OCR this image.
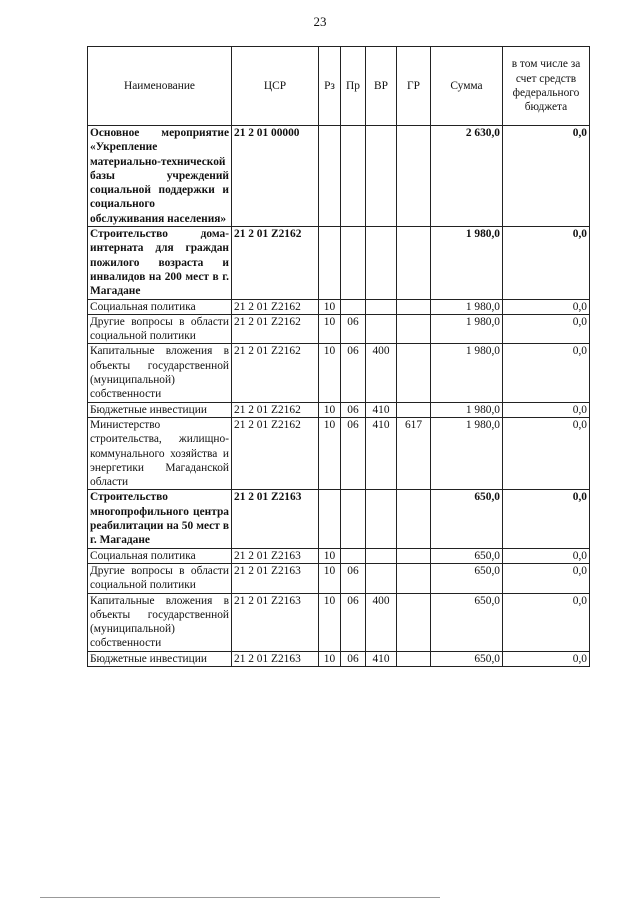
23
Наименование	ЦСР	Рз	Пр	ВР	ГР	Сумма	в том числе за счет средств федерального бюджета
Основное мероприятие «Укрепление материально-технической базы учреждений социальной поддержки и социального обслуживания населения»	21 2 01 00000					2 630,0	0,0
Строительство дома-интерната для граждан пожилого возраста и инвалидов на 200 мест в г. Магадане	21 2 01 Z2162					1 980,0	0,0
Социальная политика	21 2 01 Z2162	10				1 980,0	0,0
Другие вопросы в области социальной политики	21 2 01 Z2162	10	06			1 980,0	0,0
Капитальные вложения в объекты государственной (муниципальной) собственности	21 2 01 Z2162	10	06	400		1 980,0	0,0
Бюджетные инвестиции	21 2 01 Z2162	10	06	410		1 980,0	0,0
Министерство строительства, жилищно-коммунального хозяйства и энергетики Магаданской области	21 2 01 Z2162	10	06	410	617	1 980,0	0,0
Строительство многопрофильного центра реабилитации на 50 мест в г. Магадане	21 2 01 Z2163					650,0	0,0
Социальная политика	21 2 01 Z2163	10				650,0	0,0
Другие вопросы в области социальной политики	21 2 01 Z2163	10	06			650,0	0,0
Капитальные вложения в объекты государственной (муниципальной) собственности	21 2 01 Z2163	10	06	400		650,0	0,0
Бюджетные инвестиции	21 2 01 Z2163	10	06	410		650,0	0,0
